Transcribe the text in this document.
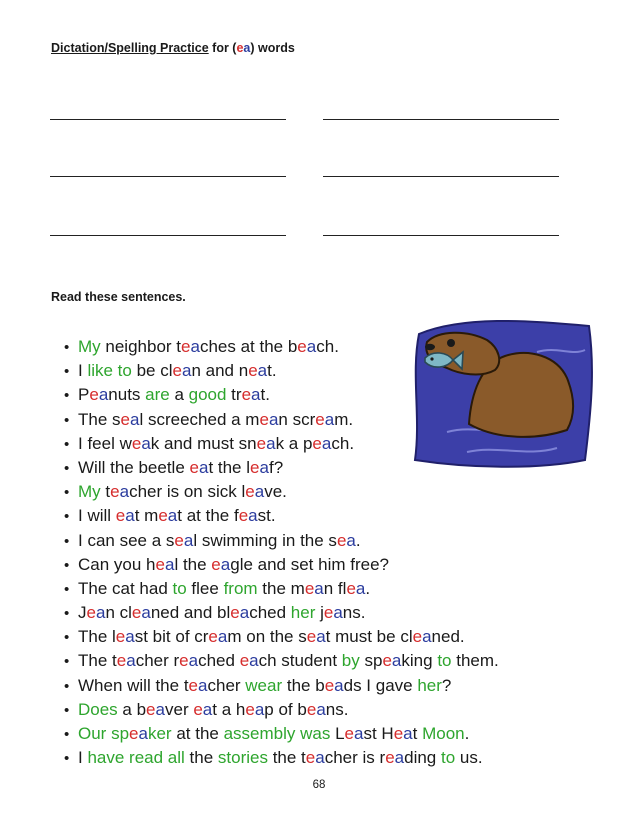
Dictation/Spelling Practice for (ea) words
Read these sentences.
• My neighbor teaches at the beach.
• I like to be clean and neat.
• Peanuts are a good treat.
• The seal screeched a mean scream.
• I feel weak and must sneak a peach.
• Will the beetle eat the leaf?
• My teacher is on sick leave.
• I will eat meat at the feast.
• I can see a seal swimming in the sea.
• Can you heal the eagle and set him free?
• The cat had to flee from the mean flea.
• Jean cleaned and bleached her jeans.
• The least bit of cream on the seat must be cleaned.
• The teacher reached each student by speaking to them.
• When will the teacher wear the beads I gave her?
• Does a beaver eat a heap of beans.
• Our speaker at the assembly was Least Heat Moon.
• I have read all the stories the teacher is reading to us.
68
